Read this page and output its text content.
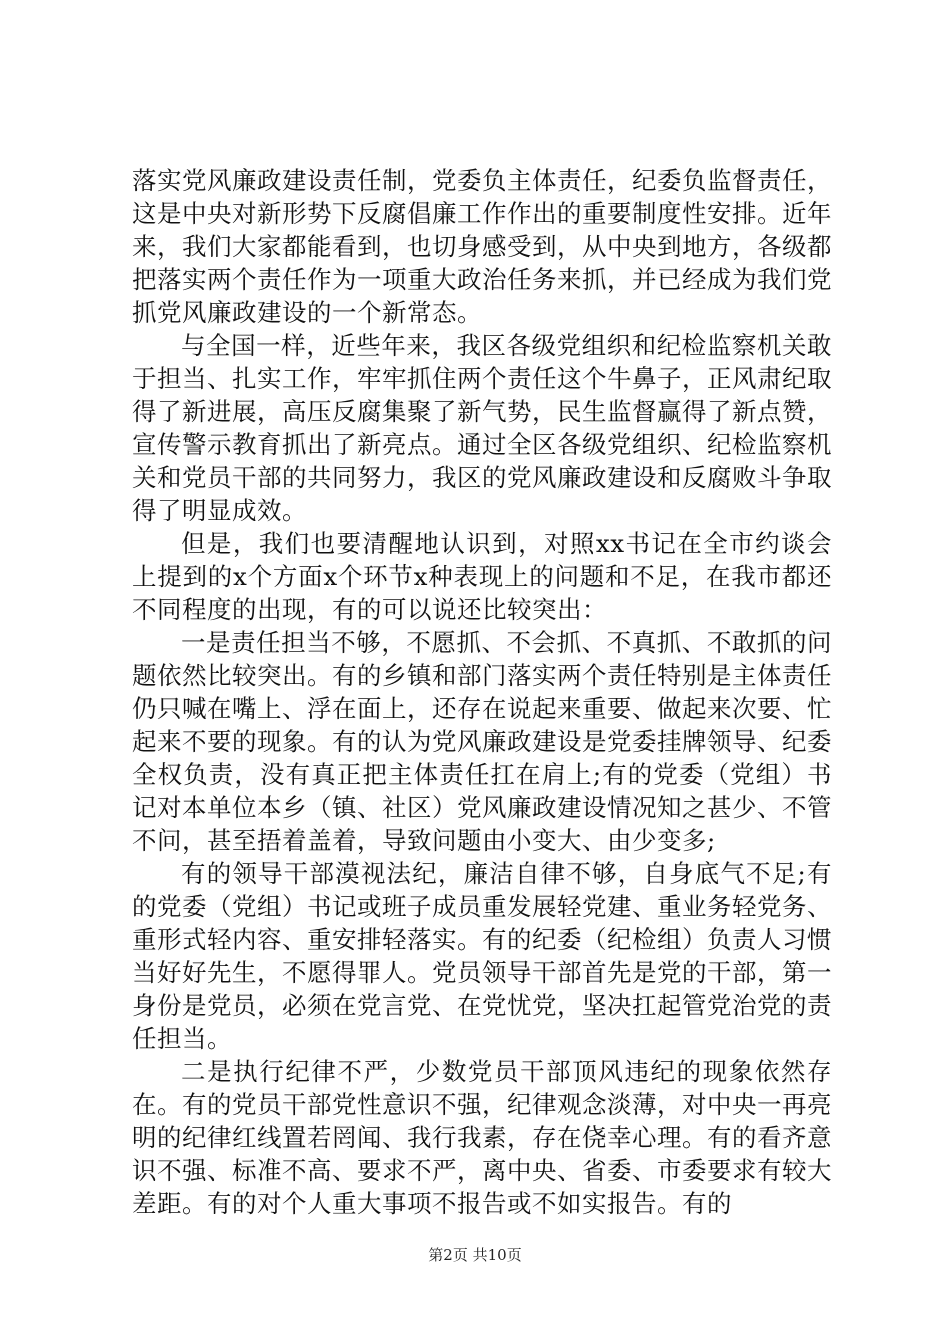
落实党风廉政建设责任制，党委负主体责任，纪委负监督责任，这是中央对新形势下反腐倡廉工作作出的重要制度性安排。近年来，我们大家都能看到，也切身感受到，从中央到地方，各级都把落实两个责任作为一项重大政治任务来抓，并已经成为我们党抓党风廉政建设的一个新常态。

与全国一样，近些年来，我区各级党组织和纪检监察机关敢于担当、扎实工作，牢牢抓住两个责任这个牛鼻子，正风肃纪取得了新进展，高压反腐集聚了新气势，民生监督赢得了新点赞，宣传警示教育抓出了新亮点。通过全区各级党组织、纪检监察机关和党员干部的共同努力，我区的党风廉政建设和反腐败斗争取得了明显成效。

但是，我们也要清醒地认识到，对照xx书记在全市约谈会上提到的x个方面x个环节x种表现上的问题和不足，在我市都还不同程度的出现，有的可以说还比较突出：

一是责任担当不够，不愿抓、不会抓、不真抓、不敢抓的问题依然比较突出。有的乡镇和部门落实两个责任特别是主体责任仍只喊在嘴上、浮在面上，还存在说起来重要、做起来次要、忙起来不要的现象。有的认为党风廉政建设是党委挂牌领导、纪委全权负责，没有真正把主体责任扛在肩上;有的党委（党组）书记对本单位本乡（镇、社区）党风廉政建设情况知之甚少、不管不问，甚至捂着盖着，导致问题由小变大、由少变多;

有的领导干部漠视法纪，廉洁自律不够，自身底气不足;有的党委（党组）书记或班子成员重发展轻党建、重业务轻党务、重形式轻内容、重安排轻落实。有的纪委（纪检组）负责人习惯当好好先生，不愿得罪人。党员领导干部首先是党的干部，第一身份是党员，必须在党言党、在党忧党，坚决扛起管党治党的责任担当。

二是执行纪律不严，少数党员干部顶风违纪的现象依然存在。有的党员干部党性意识不强，纪律观念淡薄，对中央一再亮明的纪律红线置若罔闻、我行我素，存在侥幸心理。有的看齐意识不强、标准不高、要求不严，离中央、省委、市委要求有较大差距。有的对个人重大事项不报告或不如实报告。有的

第2页 共10页
